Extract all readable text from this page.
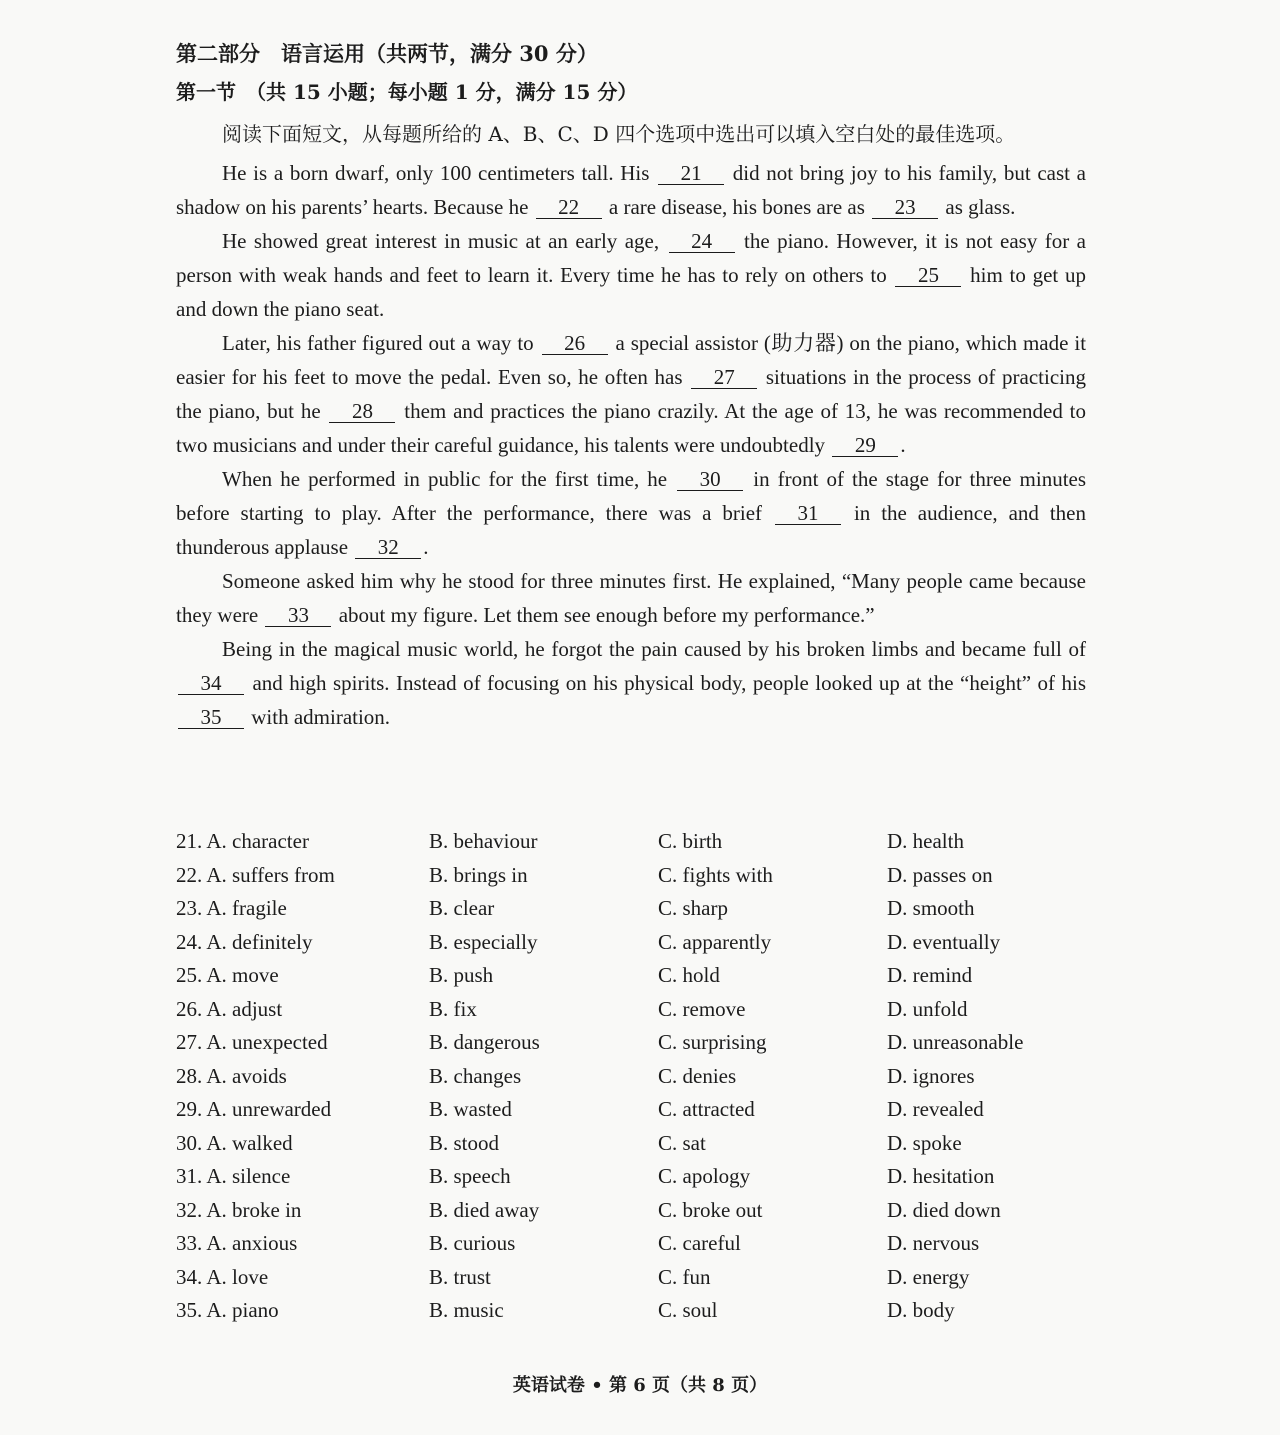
第二部分　语言运用（共两节，满分 30 分）
第一节　（共 15 小题；每小题 1 分，满分 15 分）

阅读下面短文，从每题所给的 A、B、C、D 四个选项中选出可以填入空白处的最佳选项。

He is a born dwarf, only 100 centimeters tall. His 21 did not bring joy to his family, but cast a shadow on his parents’ hearts. Because he 22 a rare disease, his bones are as 23 as glass.

He showed great interest in music at an early age, 24 the piano. However, it is not easy for a person with weak hands and feet to learn it. Every time he has to rely on others to 25 him to get up and down the piano seat.

Later, his father figured out a way to 26 a special assistor (助力器) on the piano, which made it easier for his feet to move the pedal. Even so, he often has 27 situations in the process of practicing the piano, but he 28 them and practices the piano crazily. At the age of 13, he was recommended to two musicians and under their careful guidance, his talents were undoubtedly 29 .

When he performed in public for the first time, he 30 in front of the stage for three minutes before starting to play. After the performance, there was a brief 31 in the audience, and then thunderous applause 32 .

Someone asked him why he stood for three minutes first. He explained, “Many people came because they were 33 about my figure. Let them see enough before my performance.”

Being in the magical music world, he forgot the pain caused by his broken limbs and became full of 34 and high spirits. Instead of focusing on his physical body, people looked up at the “height” of his 35 with admiration.

21. A. character	B. behaviour	C. birth	D. health
22. A. suffers from	B. brings in	C. fights with	D. passes on
23. A. fragile	B. clear	C. sharp	D. smooth
24. A. definitely	B. especially	C. apparently	D. eventually
25. A. move	B. push	C. hold	D. remind
26. A. adjust	B. fix	C. remove	D. unfold
27. A. unexpected	B. dangerous	C. surprising	D. unreasonable
28. A. avoids	B. changes	C. denies	D. ignores
29. A. unrewarded	B. wasted	C. attracted	D. revealed
30. A. walked	B. stood	C. sat	D. spoke
31. A. silence	B. speech	C. apology	D. hesitation
32. A. broke in	B. died away	C. broke out	D. died down
33. A. anxious	B. curious	C. careful	D. nervous
34. A. love	B. trust	C. fun	D. energy
35. A. piano	B. music	C. soul	D. body
英语试卷 • 第 6 页（共 8 页）
